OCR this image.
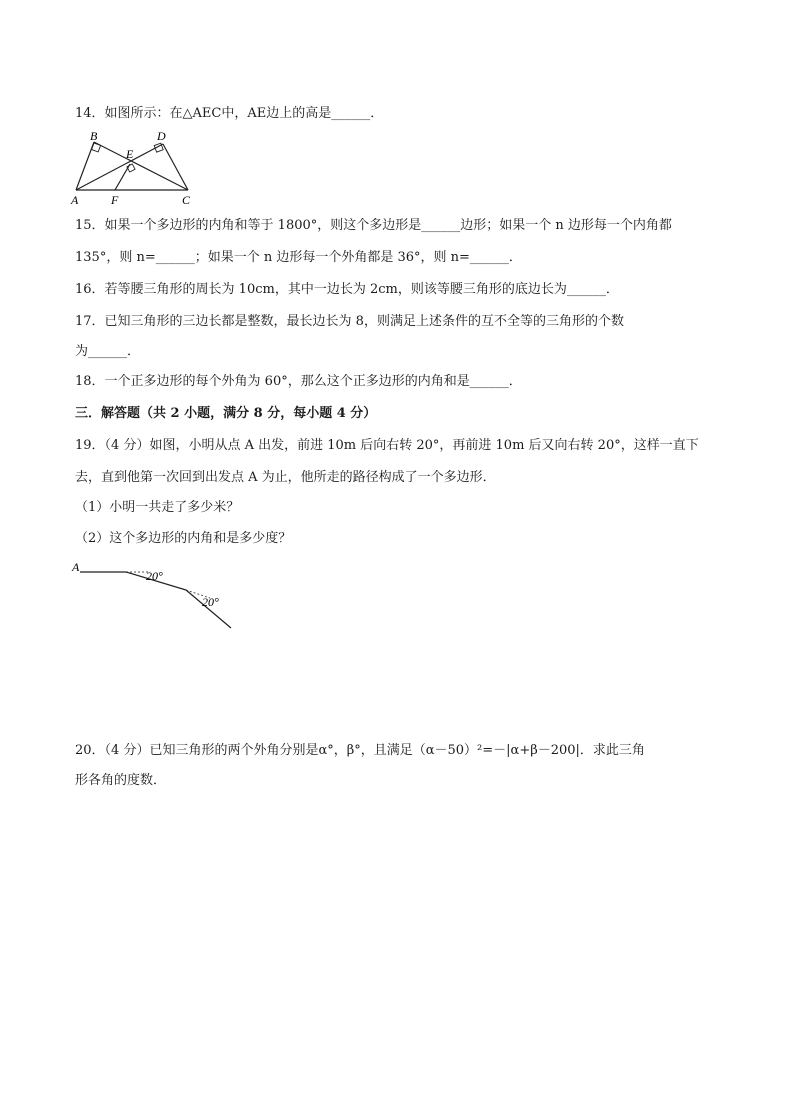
14．如图所示：在△AEC中，AE边上的高是______．
B	D
E
A	F	C
15．如果一个多边形的内角和等于 1800°，则这个多边形是______边形；如果一个 n 边形每一个内角都
135°，则 n=______；如果一个 n 边形每一个外角都是 36°，则 n=______．
16．若等腰三角形的周长为 10cm，其中一边长为 2cm，则该等腰三角形的底边长为______．
17．已知三角形的三边长都是整数，最长边长为 8，则满足上述条件的互不全等的三角形的个数
为______．
18．一个正多边形的每个外角为 60°，那么这个正多边形的内角和是______．
三．解答题（共 2 小题，满分 8 分，每小题 4 分）
19．（4 分）如图，小明从点 A 出发，前进 10m 后向右转 20°，再前进 10m 后又向右转 20°，这样一直下
去，直到他第一次回到出发点 A 为止，他所走的路径构成了一个多边形．
（1）小明一共走了多少米？
（2）这个多边形的内角和是多少度？
A
20°
20°
20．（4 分）已知三角形的两个外角分别是α°，β°，且满足（α－50）²=－|α+β－200|．求此三角
形各角的度数．
